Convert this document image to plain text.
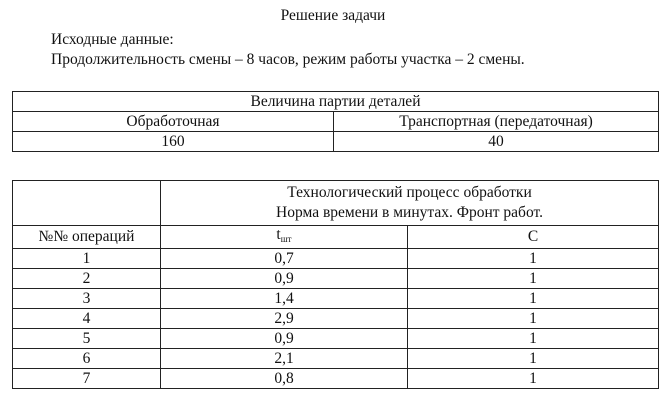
Решение задачи
Исходные данные:
Продолжительность смены – 8 часов, режим работы участка – 2 смены.
Величина партии деталей	
Обработочная	Транспортная (передаточная)
160	40

	Технологический процесс обработки
Норма времени в минутах. Фронт работ.	

№№ операций	$t_{шт}$	С
1	0,7	1
2	0,9	1
3	1,4	1
4	2,9	1
5	0,9	1
6	2,1	1
7	0,8	1
